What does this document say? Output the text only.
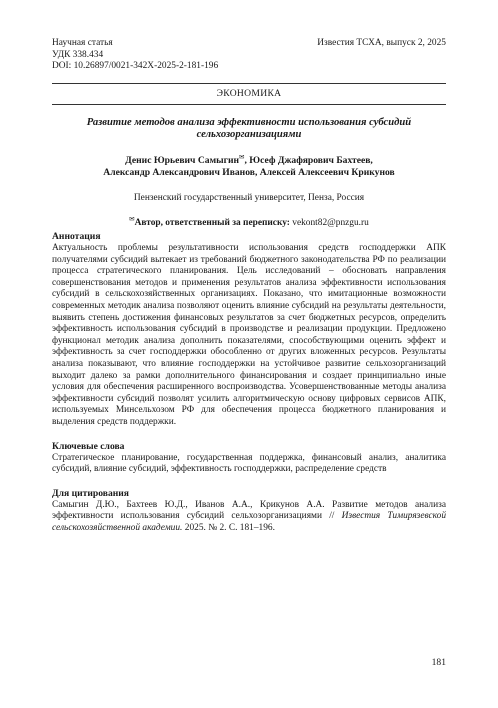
Научная статья
УДК 338.434
DOI: 10.26897/0021-342X-2025-2-181-196
Известия ТСХА, выпуск 2, 2025
ЭКОНОМИКА
Развитие методов анализа эффективности использования субсидий
сельхозорганизациями
Денис Юрьевич Самыгин✉, Юсеф Джафярович Бахтеев,
Александр Александрович Иванов, Алексей Алексеевич Крикунов
Пензенский государственный университет, Пенза, Россия
✉Автор, ответственный за переписку: vekont82@pnzgu.ru
Аннотация
Актуальность проблемы результативности использования средств господдержки АПК получателями субсидий вытекает из требований бюджетного законодательства РФ по реализации процесса стратегического планирования. Цель исследований – обосновать направления совершенствования методов и применения результатов анализа эффективности использования субсидий в сельскохозяйственных организациях. Показано, что имитационные возможности современных методик анализа позволяют оценить влияние субсидий на результаты деятельности, выявить степень достижения финансовых результатов за счет бюджетных ресурсов, определить эффективность использования субсидий в производстве и реализации продукции. Предложено функционал методик анализа дополнить показателями, способствующими оценить эффект и эффективность за счет господдержки обособленно от других вложенных ресурсов. Результаты анализа показывают, что влияние господдержки на устойчивое развитие сельхозорганизаций выходит далеко за рамки дополнительного финансирования и создает принципиально иные условия для обеспечения расширенного воспроизводства. Усовершенствованные методы анализа эффективности субсидий позволят усилить алгоритмическую основу цифровых сервисов АПК, используемых Минсельхозом РФ для обеспечения процесса бюджетного планирования и выделения средств поддержки.
Ключевые слова
Стратегическое планирование, государственная поддержка, финансовый анализ, аналитика субсидий, влияние субсидий, эффективность господдержки, распределение средств
Для цитирования
Самыгин Д.Ю., Бахтеев Ю.Д., Иванов А.А., Крикунов А.А. Развитие методов анализа эффективности использования субсидий сельхозорганизациями // Известия Тимирязевской сельскохозяйственной академии. 2025. № 2. С. 181–196.
181
